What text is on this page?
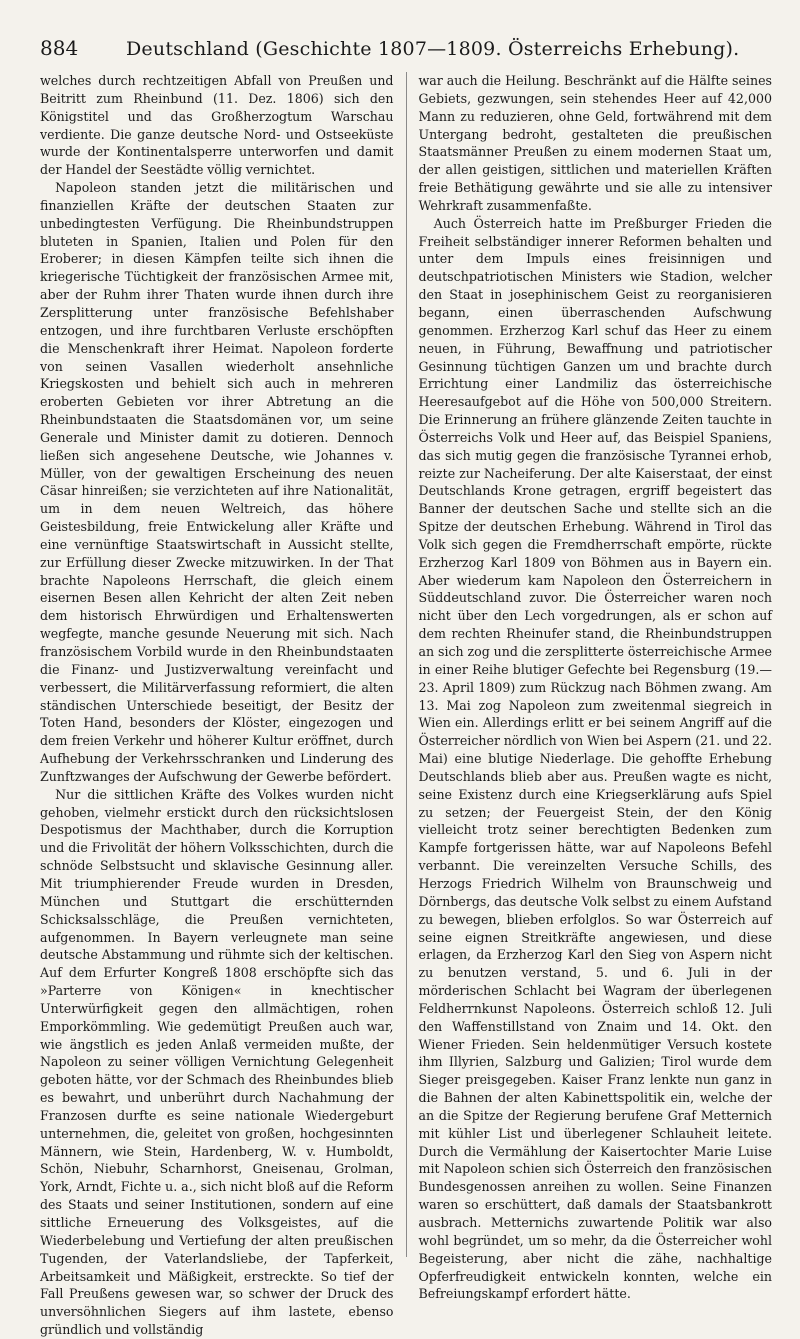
884	Deutschland (Geschichte 1807—1809. Österreichs Erhebung).

welches durch rechtzeitigen Abfall von Preußen und Beitritt zum Rheinbund (11. Dez. 1806) sich den Königstitel und das Großherzogtum Warschau verdiente. Die ganze deutsche Nord- und Ostseeküste wurde der Kontinentalsperre unterworfen und damit der Handel der Seestädte völlig vernichtet.

Napoleon standen jetzt die militärischen und finanziellen Kräfte der deutschen Staaten zur unbedingtesten Verfügung. Die Rheinbundstruppen bluteten in Spanien, Italien und Polen für den Eroberer; in diesen Kämpfen teilte sich ihnen die kriegerische Tüchtigkeit der französischen Armee mit, aber der Ruhm ihrer Thaten wurde ihnen durch ihre Zersplitterung unter französische Befehlshaber entzogen, und ihre furchtbaren Verluste erschöpften die Menschenkraft ihrer Heimat. Napoleon forderte von seinen Vasallen wiederholt ansehnliche Kriegskosten und behielt sich auch in mehreren eroberten Gebieten vor ihrer Abtretung an die Rheinbundstaaten die Staatsdomänen vor, um seine Generale und Minister damit zu dotieren. Dennoch ließen sich angesehene Deutsche, wie Johannes v. Müller, von der gewaltigen Erscheinung des neuen Cäsar hinreißen; sie verzichteten auf ihre Nationalität, um in dem neuen Weltreich, das höhere Geistesbildung, freie Entwickelung aller Kräfte und eine vernünftige Staatswirtschaft in Aussicht stellte, zur Erfüllung dieser Zwecke mitzuwirken. In der That brachte Napoleons Herrschaft, die gleich einem eisernen Besen allen Kehricht der alten Zeit neben dem historisch Ehrwürdigen und Erhaltenswerten wegfegte, manche gesunde Neuerung mit sich. Nach französischem Vorbild wurde in den Rheinbundstaaten die Finanz- und Justizverwaltung vereinfacht und verbessert, die Militärverfassung reformiert, die alten ständischen Unterschiede beseitigt, der Besitz der Toten Hand, besonders der Klöster, eingezogen und dem freien Verkehr und höherer Kultur eröffnet, durch Aufhebung der Verkehrsschranken und Linderung des Zunftzwanges der Aufschwung der Gewerbe befördert.

Nur die sittlichen Kräfte des Volkes wurden nicht gehoben, vielmehr erstickt durch den rücksichtslosen Despotismus der Machthaber, durch die Korruption und die Frivolität der höhern Volksschichten, durch die schnöde Selbstsucht und sklavische Gesinnung aller. Mit triumphierender Freude wurden in Dresden, München und Stuttgart die erschütternden Schicksalsschläge, die Preußen vernichteten, aufgenommen. In Bayern verleugnete man seine deutsche Abstammung und rühmte sich der keltischen. Auf dem Erfurter Kongreß 1808 erschöpfte sich das »Parterre von Königen« in knechtischer Unterwürfigkeit gegen den allmächtigen, rohen Emporkömmling. Wie gedemütigt Preußen auch war, wie ängstlich es jeden Anlaß vermeiden mußte, der Napoleon zu seiner völligen Vernichtung Gelegenheit geboten hätte, vor der Schmach des Rheinbundes blieb es bewahrt, und unberührt durch Nachahmung der Franzosen durfte es seine nationale Wiedergeburt unternehmen, die, geleitet von großen, hochgesinnten Männern, wie Stein, Hardenberg, W. v. Humboldt, Schön, Niebuhr, Scharnhorst, Gneisenau, Grolman, York, Arndt, Fichte u. a., sich nicht bloß auf die Reform des Staats und seiner Institutionen, sondern auf eine sittliche Erneuerung des Volksgeistes, auf die Wiederbelebung und Vertiefung der alten preußischen Tugenden, der Vaterlandsliebe, der Tapferkeit, Arbeitsamkeit und Mäßigkeit, erstreckte. So tief der Fall Preußens gewesen war, so schwer der Druck des unversöhnlichen Siegers auf ihm lastete, ebenso gründlich und vollständig

war auch die Heilung. Beschränkt auf die Hälfte seines Gebiets, gezwungen, sein stehendes Heer auf 42,000 Mann zu reduzieren, ohne Geld, fortwährend mit dem Untergang bedroht, gestalteten die preußischen Staatsmänner Preußen zu einem modernen Staat um, der allen geistigen, sittlichen und materiellen Kräften freie Bethätigung gewährte und sie alle zu intensiver Wehrkraft zusammenfaßte.

Auch Österreich hatte im Preßburger Frieden die Freiheit selbständiger innerer Reformen behalten und unter dem Impuls eines freisinnigen und deutschpatriotischen Ministers wie Stadion, welcher den Staat in josephinischem Geist zu reorganisieren begann, einen überraschenden Aufschwung genommen. Erzherzog Karl schuf das Heer zu einem neuen, in Führung, Bewaffnung und patriotischer Gesinnung tüchtigen Ganzen um und brachte durch Errichtung einer Landmiliz das österreichische Heeresaufgebot auf die Höhe von 500,000 Streitern. Die Erinnerung an frühere glänzende Zeiten tauchte in Österreichs Volk und Heer auf, das Beispiel Spaniens, das sich mutig gegen die französische Tyrannei erhob, reizte zur Nacheiferung. Der alte Kaiserstaat, der einst Deutschlands Krone getragen, ergriff begeistert das Banner der deutschen Sache und stellte sich an die Spitze der deutschen Erhebung. Während in Tirol das Volk sich gegen die Fremdherrschaft empörte, rückte Erzherzog Karl 1809 von Böhmen aus in Bayern ein. Aber wiederum kam Napoleon den Österreichern in Süddeutschland zuvor. Die Österreicher waren noch nicht über den Lech vorgedrungen, als er schon auf dem rechten Rheinufer stand, die Rheinbundstruppen an sich zog und die zersplitterte österreichische Armee in einer Reihe blutiger Gefechte bei Regensburg (19.—23. April 1809) zum Rückzug nach Böhmen zwang. Am 13. Mai zog Napoleon zum zweitenmal siegreich in Wien ein. Allerdings erlitt er bei seinem Angriff auf die Österreicher nördlich von Wien bei Aspern (21. und 22. Mai) eine blutige Niederlage. Die gehoffte Erhebung Deutschlands blieb aber aus. Preußen wagte es nicht, seine Existenz durch eine Kriegserklärung aufs Spiel zu setzen; der Feuergeist Stein, der den König vielleicht trotz seiner berechtigten Bedenken zum Kampfe fortgerissen hätte, war auf Napoleons Befehl verbannt. Die vereinzelten Versuche Schills, des Herzogs Friedrich Wilhelm von Braunschweig und Dörnbergs, das deutsche Volk selbst zu einem Aufstand zu bewegen, blieben erfolglos. So war Österreich auf seine eignen Streitkräfte angewiesen, und diese erlagen, da Erzherzog Karl den Sieg von Aspern nicht zu benutzen verstand, 5. und 6. Juli in der mörderischen Schlacht bei Wagram der überlegenen Feldherrnkunst Napoleons. Österreich schloß 12. Juli den Waffenstillstand von Znaim und 14. Okt. den Wiener Frieden. Sein heldenmütiger Versuch kostete ihm Illyrien, Salzburg und Galizien; Tirol wurde dem Sieger preisgegeben. Kaiser Franz lenkte nun ganz in die Bahnen der alten Kabinettspolitik ein, welche der an die Spitze der Regierung berufene Graf Metternich mit kühler List und überlegener Schlauheit leitete. Durch die Vermählung der Kaisertochter Marie Luise mit Napoleon schien sich Österreich den französischen Bundesgenossen anreihen zu wollen. Seine Finanzen waren so erschüttert, daß damals der Staatsbankrott ausbrach. Metternichs zuwartende Politik war also wohl begründet, um so mehr, da die Österreicher wohl Begeisterung, aber nicht die zähe, nachhaltige Opferfreudigkeit entwickeln konnten, welche ein Befreiungskampf erfordert hätte.
